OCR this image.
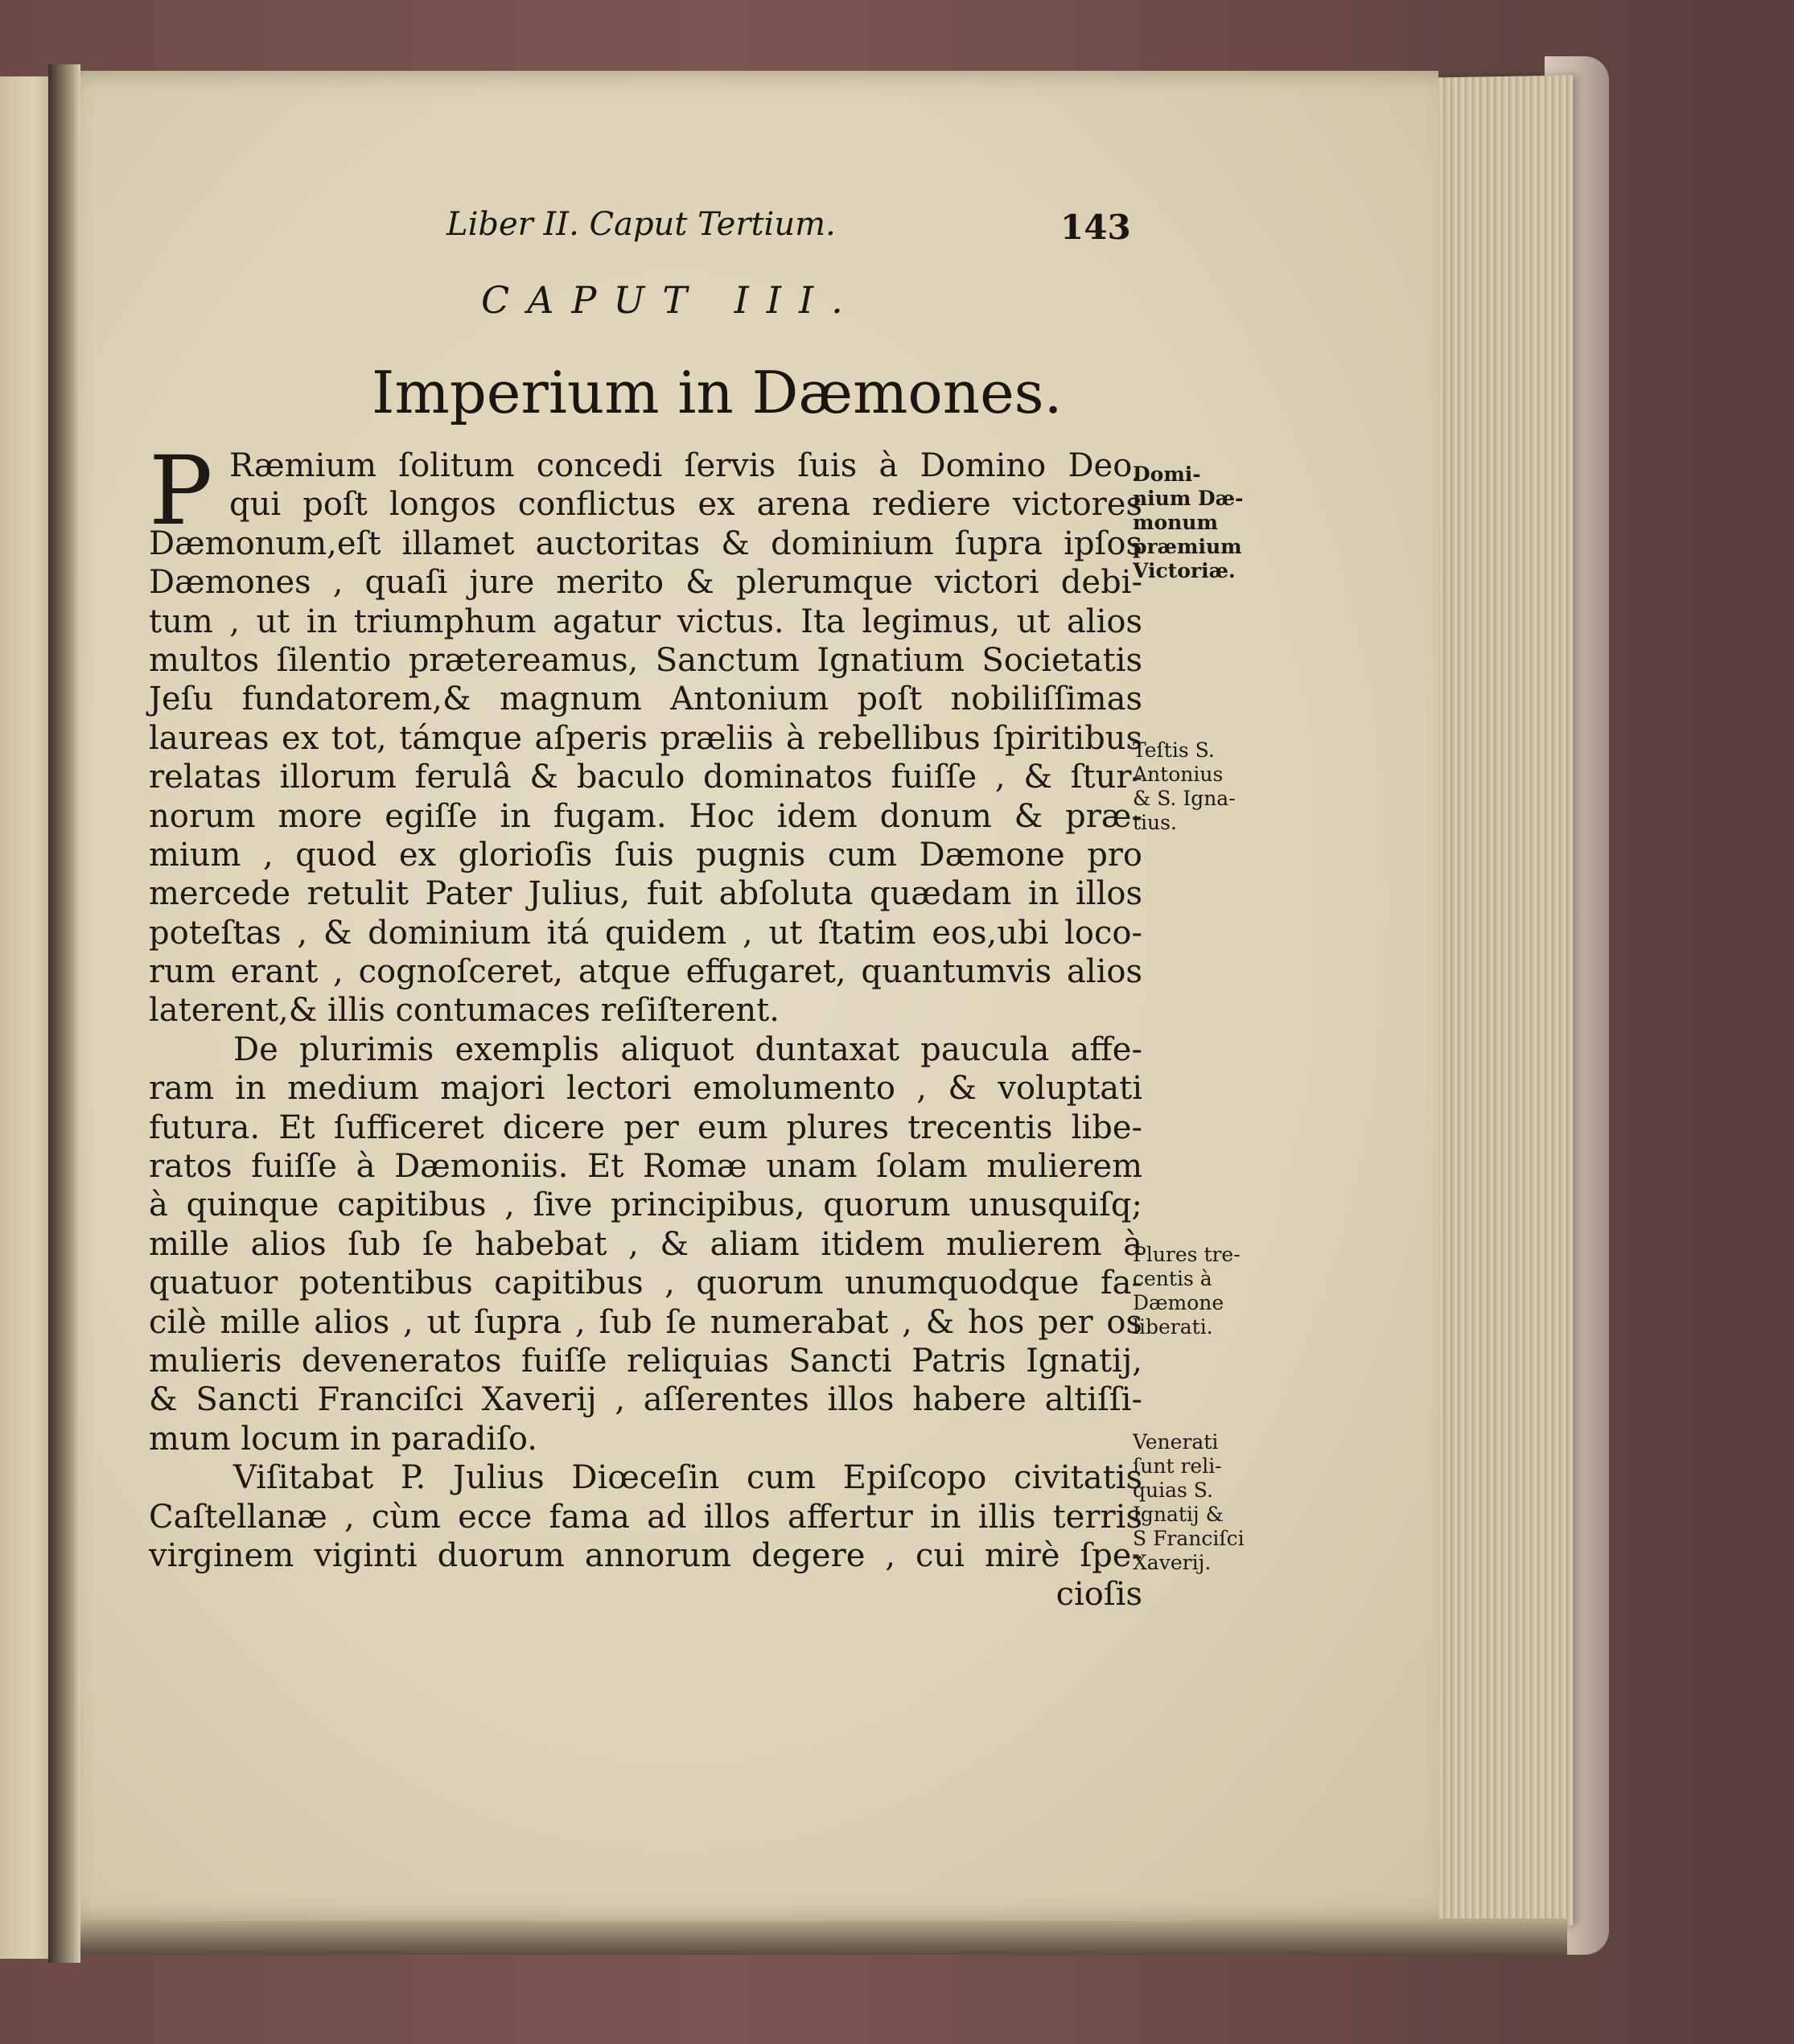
Liber II. Caput Tertium.	143
CAPUT III.
Imperium in Dæmones.
P Ræmium ſolitum concedi ſervis ſuis à Domino Deo,
qui poſt longos conflictus ex arena rediere victores
Dæmonum,eſt illamet auctoritas & dominium ſupra ipſos
Dæmones , quaſi jure merito & plerumque victori debi-
tum , ut in triumphum agatur victus. Ita legimus, ut alios
multos ſilentio prætereamus, Sanctum Ignatium Societatis
Jeſu fundatorem,& magnum Antonium poſt nobiliſſimas
laureas ex tot, támque aſperis præliis à rebellibus ſpiritibus
relatas illorum ferulâ & baculo dominatos fuiſſe , & ſtur-
norum more egiſſe in fugam. Hoc idem donum & præ-
mium , quod ex glorioſis ſuis pugnis cum Dæmone pro
mercede retulit Pater Julius, fuit abſoluta quædam in illos
poteſtas , & dominium itá quidem , ut ſtatim eos,ubi loco-
rum erant , cognoſceret, atque effugaret, quantumvis alios
laterent,& illis contumaces reſiſterent.
De plurimis exemplis aliquot duntaxat paucula affe-
ram in medium majori lectori emolumento , & voluptati
futura. Et ſufficeret dicere per eum plures trecentis libe-
ratos fuiſſe à Dæmoniis. Et Romæ unam ſolam mulierem
à quinque capitibus , ſive principibus, quorum unusquiſq;
mille alios ſub ſe habebat , & aliam itidem mulierem à
quatuor potentibus capitibus , quorum unumquodque fa-
cilè mille alios , ut ſupra , ſub ſe numerabat , & hos per os
mulieris deveneratos fuiſſe reliquias Sancti Patris Ignatij,
& Sancti Franciſci Xaverij , aſſerentes illos habere altiſſi-
mum locum in paradiſo.
Viſitabat P. Julius Diœceſin cum Epiſcopo civitatis
Caſtellanæ , cùm ecce fama ad illos affertur in illis terris
virginem viginti duorum annorum degere , cui mirè ſpe-
cioſis
Domi-
nium Dæ-
monum
præmium
Victoriæ.
Teſtis S.
Antonius
& S. Igna-
tius.
Plures tre-
centis à
Dæmone
liberati.
Venerati
ſunt reli-
quias S.
Ignatij &
S Franciſci
Xaverij.
